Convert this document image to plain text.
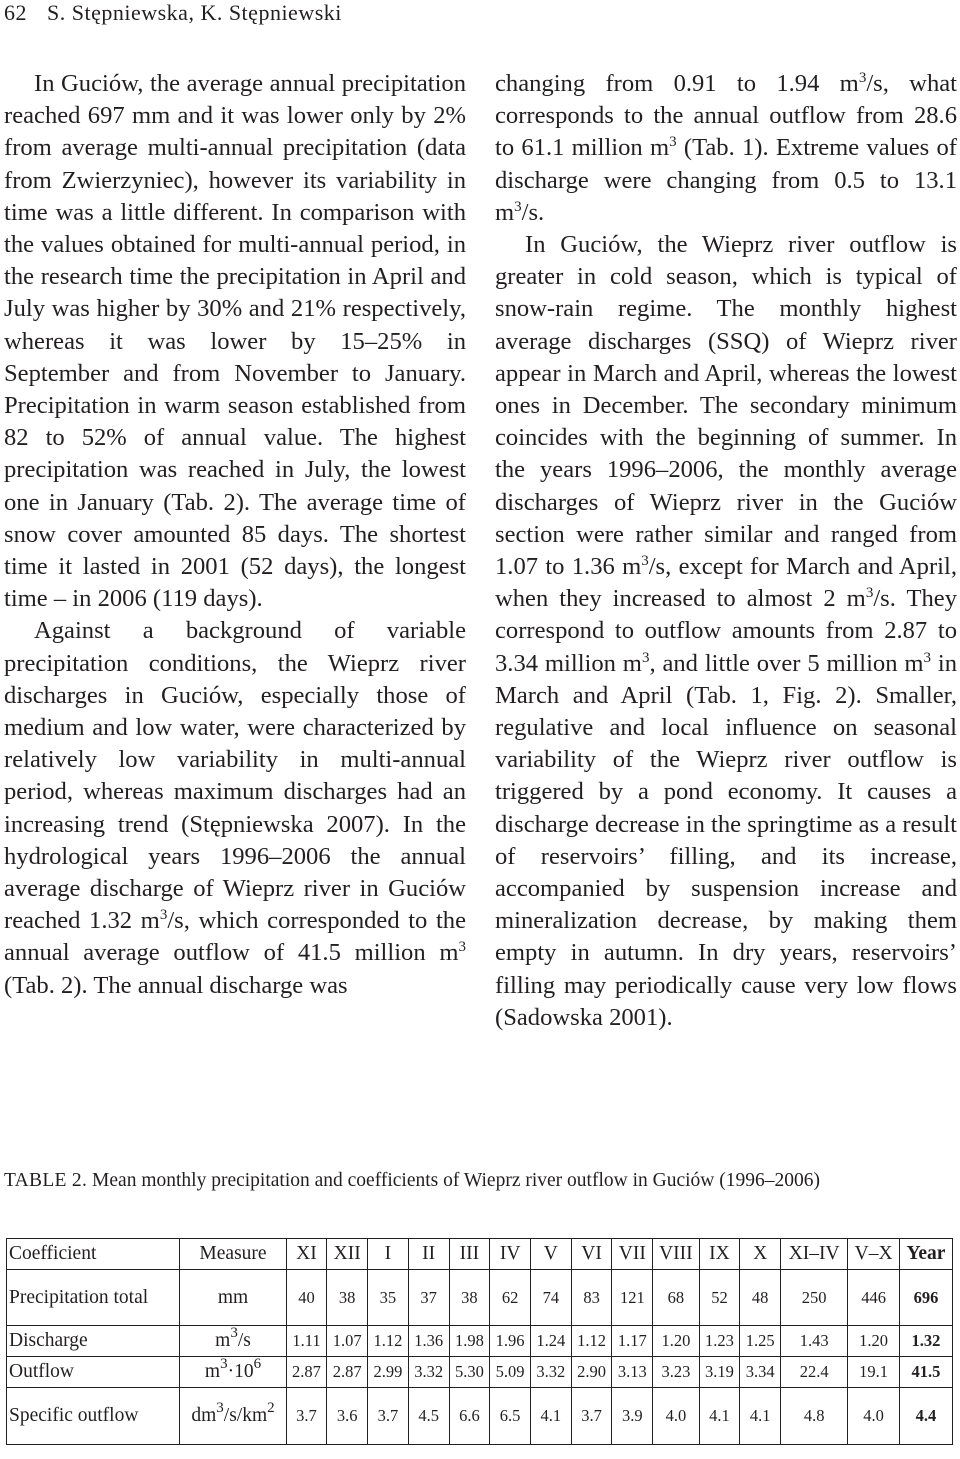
62 S. Stępniewska, K. Stępniewski

In Guciów, the average annual precipitation reached 697 mm and it was lower only by 2% from average multi-annual precipitation (data from Zwierzyniec), however its variability in time was a little different. In comparison with the values obtained for multi-annual period, in the research time the precipitation in April and July was higher by 30% and 21% respectively, whereas it was lower by 15–25% in September and from November to January. Precipitation in warm season established from 82 to 52% of annual value. The highest precipitation was reached in July, the lowest one in January (Tab. 2). The average time of snow cover amounted 85 days. The shortest time it lasted in 2001 (52 days), the longest time – in 2006 (119 days).

Against a background of variable precipitation conditions, the Wieprz river discharges in Guciów, especially those of medium and low water, were characterized by relatively low variability in multi-annual period, whereas maximum discharges had an increasing trend (Stępniewska 2007). In the hydrological years 1996–2006 the annual average discharge of Wieprz river in Guciów reached 1.32 $m^3/s$, which corresponded to the annual average outflow of 41.5 million $m^3$ (Tab. 2). The annual discharge was

changing from 0.91 to 1.94 $m^3/s$, what corresponds to the annual outflow from 28.6 to 61.1 million $m^3$ (Tab. 1). Extreme values of discharge were changing from 0.5 to 13.1 $m^3/s$.

In Guciów, the Wieprz river outflow is greater in cold season, which is typical of snow-rain regime. The monthly highest average discharges (SSQ) of Wieprz river appear in March and April, whereas the lowest ones in December. The secondary minimum coincides with the beginning of summer. In the years 1996–2006, the monthly average discharges of Wieprz river in the Guciów section were rather similar and ranged from 1.07 to 1.36 $m^3/s$, except for March and April, when they increased to almost 2 $m^3/s$. They correspond to outflow amounts from 2.87 to 3.34 million $m^3$, and little over 5 million $m^3$ in March and April (Tab. 1, Fig. 2). Smaller, regulative and local influence on seasonal variability of the Wieprz river outflow is triggered by a pond economy. It causes a discharge decrease in the springtime as a result of reservoirs’ filling, and its increase, accompanied by suspension increase and mineralization decrease, by making them empty in autumn. In dry years, reservoirs’ filling may periodically cause very low flows (Sadowska 2001).

TABLE 2. Mean monthly precipitation and coefficients of Wieprz river outflow in Guciów (1996–2006)
Coefficient	Measure	XI	XII	I	II	III	IV	V	VI	VII	VIII	IX	X	XI–IV	V–X	Year
Precipitation total	mm	40	38	35	37	38	62	74	83	121	68	52	48	250	446	696
Discharge	$m^3/s$	1.11	1.07	1.12	1.36	1.98	1.96	1.24	1.12	1.17	1.20	1.23	1.25	1.43	1.20	1.32
Outflow	$m^3\cdot 10^6$	2.87	2.87	2.99	3.32	5.30	5.09	3.32	2.90	3.13	3.23	3.19	3.34	22.4	19.1	41.5
Specific outflow	$dm^3/s/km^2$	3.7	3.6	3.7	4.5	6.6	6.5	4.1	3.7	3.9	4.0	4.1	4.1	4.8	4.0	4.4
